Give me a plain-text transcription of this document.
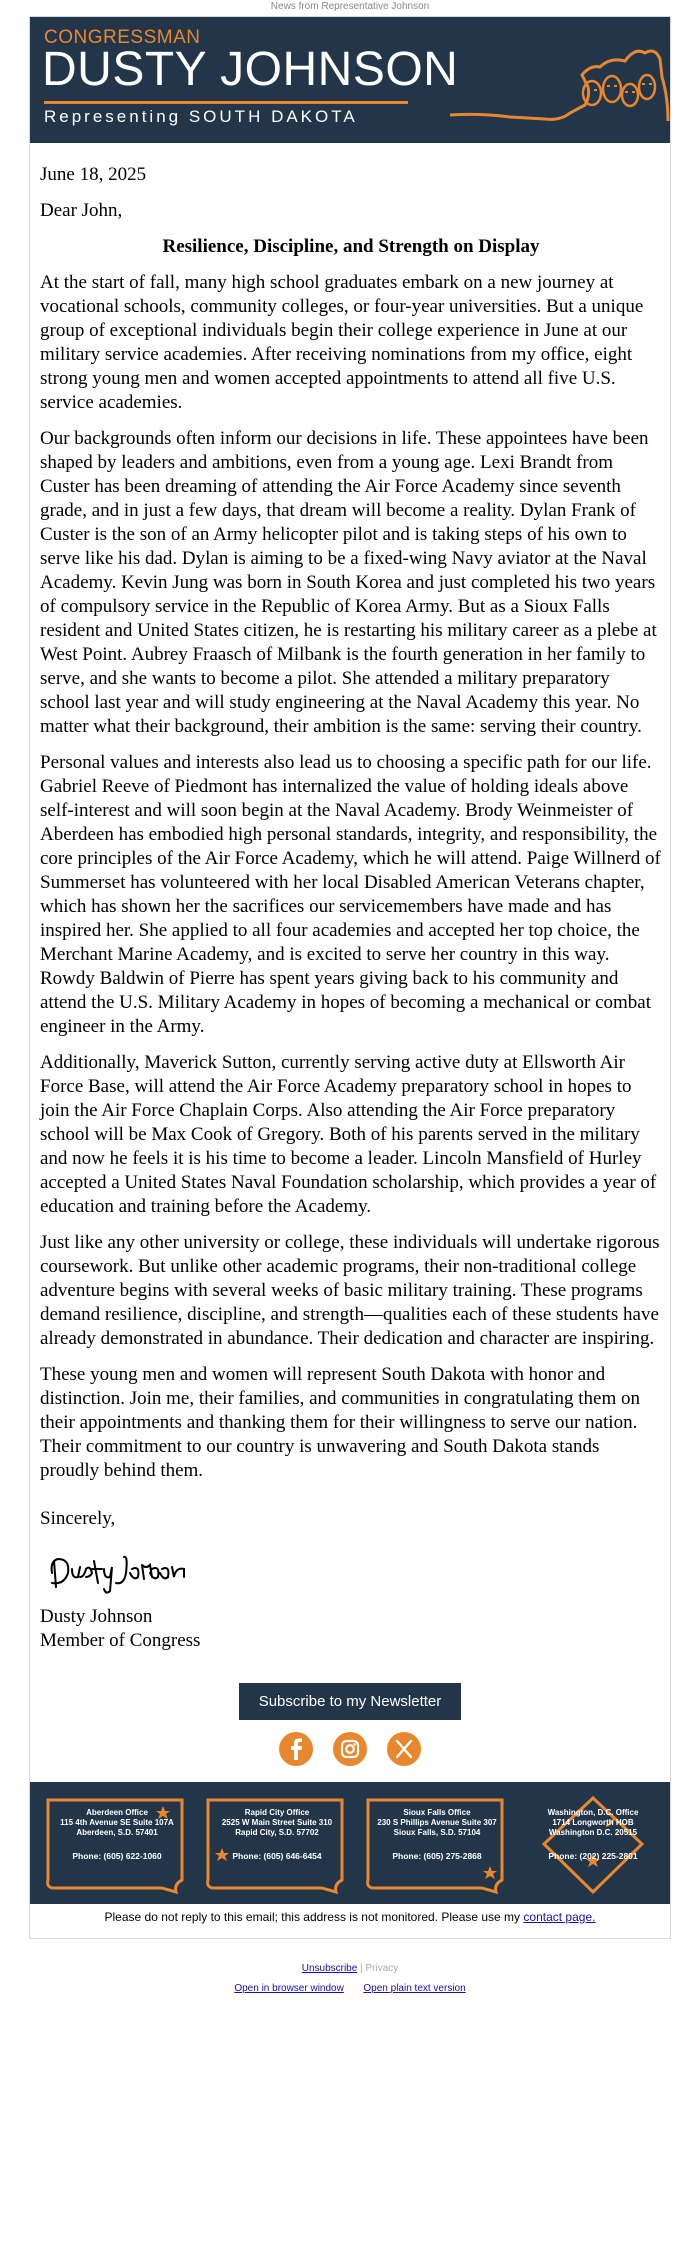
News from Representative Johnson
CONGRESSMAN
DUSTY JOHNSON
Representing SOUTH DAKOTA

June 18, 2025

Dear John,

Resilience, Discipline, and Strength on Display

At the start of fall, many high school graduates embark on a new journey at vocational schools, community colleges, or four-year universities. But a unique group of exceptional individuals begin their college experience in June at our military service academies. After receiving nominations from my office, eight strong young men and women accepted appointments to attend all five U.S. service academies.

Our backgrounds often inform our decisions in life. These appointees have been shaped by leaders and ambitions, even from a young age. Lexi Brandt from Custer has been dreaming of attending the Air Force Academy since seventh grade, and in just a few days, that dream will become a reality. Dylan Frank of Custer is the son of an Army helicopter pilot and is taking steps of his own to serve like his dad. Dylan is aiming to be a fixed-wing Navy aviator at the Naval Academy. Kevin Jung was born in South Korea and just completed his two years of compulsory service in the Republic of Korea Army. But as a Sioux Falls resident and United States citizen, he is restarting his military career as a plebe at West Point. Aubrey Fraasch of Milbank is the fourth generation in her family to serve, and she wants to become a pilot. She attended a military preparatory school last year and will study engineering at the Naval Academy this year. No matter what their background, their ambition is the same: serving their country.

Personal values and interests also lead us to choosing a specific path for our life. Gabriel Reeve of Piedmont has internalized the value of holding ideals above self-interest and will soon begin at the Naval Academy. Brody Weinmeister of Aberdeen has embodied high personal standards, integrity, and responsibility, the core principles of the Air Force Academy, which he will attend. Paige Willnerd of Summerset has volunteered with her local Disabled American Veterans chapter, which has shown her the sacrifices our servicemembers have made and has inspired her. She applied to all four academies and accepted her top choice, the Merchant Marine Academy, and is excited to serve her country in this way. Rowdy Baldwin of Pierre has spent years giving back to his community and attend the U.S. Military Academy in hopes of becoming a mechanical or combat engineer in the Army.

Additionally, Maverick Sutton, currently serving active duty at Ellsworth Air Force Base, will attend the Air Force Academy preparatory school in hopes to join the Air Force Chaplain Corps. Also attending the Air Force preparatory school will be Max Cook of Gregory. Both of his parents served in the military and now he feels it is his time to become a leader. Lincoln Mansfield of Hurley accepted a United States Naval Foundation scholarship, which provides a year of education and training before the Academy.

Just like any other university or college, these individuals will undertake rigorous coursework. But unlike other academic programs, their non-traditional college adventure begins with several weeks of basic military training. These programs demand resilience, discipline, and strength—qualities each of these students have already demonstrated in abundance. Their dedication and character are inspiring.

These young men and women will represent South Dakota with honor and distinction. Join me, their families, and communities in congratulating them on their appointments and thanking them for their willingness to serve our nation. Their commitment to our country is unwavering and South Dakota stands proudly behind them.

Sincerely,

Dusty Johnson

Member of Congress

Subscribe to my Newsletter

Aberdeen Office
115 4th Avenue SE Suite 107A
Aberdeen, S.D. 57401
Phone: (605) 622-1060
Rapid City Office
2525 W Main Street Suite 310
Rapid City, S.D. 57702
Phone: (605) 646-6454
Sioux Falls Office
230 S Phillips Avenue Suite 307
Sioux Falls, S.D. 57104
Phone: (605) 275-2868
Washington, D.C. Office
1714 Longworth HOB
Washington D.C. 20515
Phone: (202) 225-2801
Please do not reply to this email; this address is not monitored. Please use my contact page.
Unsubscribe | Privacy
Open in browser window Open plain text version
